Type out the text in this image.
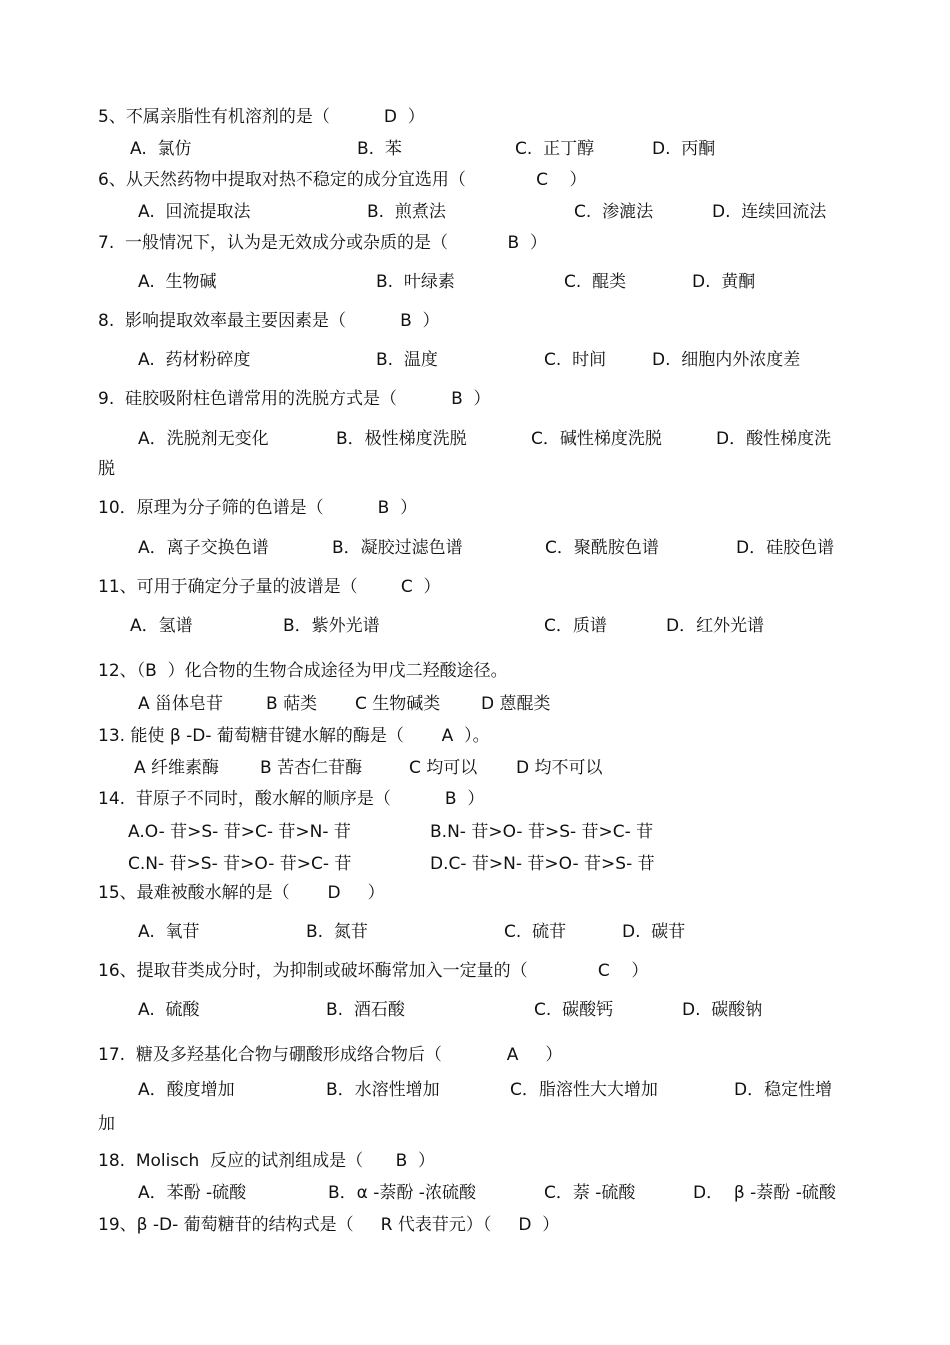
5、不属亲脂性有机溶剂的是（          D  ）
A.  氯仿	B.  苯	C.  正丁醇	D.  丙酮
6、从天然药物中提取对热不稳定的成分宜选用（             C    ）
A.  回流提取法	B.  煎煮法	C.  渗漉法	D.  连续回流法
7.  一般情况下，认为是无效成分或杂质的是（           B  ）
A.  生物碱	B.  叶绿素	C.  醌类	D.  黄酮
8.  影响提取效率最主要因素是（          B  ）
A.  药材粉碎度	B.  温度	C.  时间	D.  细胞内外浓度差
9.  硅胶吸附柱色谱常用的洗脱方式是（          B  ）
A．洗脱剂无变化	B．极性梯度洗脱	C．碱性梯度洗脱	D．酸性梯度洗
脱
10．原理为分子筛的色谱是（          B  ）
A．离子交换色谱	B．凝胶过滤色谱	C．聚酰胺色谱	D．硅胶色谱
11、可用于确定分子量的波谱是（        C  ）
A．氢谱	B．紫外光谱	C．质谱	D．红外光谱
12、（B  ）化合物的生物合成途径为甲戊二羟酸途径。
A 甾体皂苷	B 萜类 C 生物碱类 D 蒽醌类
13. 能使 β -D- 葡萄糖苷键水解的酶是（       A  ）。
A 纤维素酶 B 苦杏仁苷酶	C 均可以 D 均不可以
14.  苷原子不同时，酸水解的顺序是（          B  ）
A.O- 苷>S- 苷>C- 苷>N- 苷	B.N- 苷>O- 苷>S- 苷>C- 苷
C.N- 苷>S- 苷>O- 苷>C- 苷	D.C- 苷>N- 苷>O- 苷>S- 苷
15、最难被酸水解的是（       D     ）
A.  氧苷	B.  氮苷	C.  硫苷	D.  碳苷
16、提取苷类成分时，为抑制或破坏酶常加入一定量的（             C    ）
A.  硫酸	B.  酒石酸	C.  碳酸钙	D.  碳酸钠
17.  糖及多羟基化合物与硼酸形成络合物后（            A     ）
A．酸度增加	B．水溶性增加	C．脂溶性大大增加	D．稳定性增
加
18.  Molisch  反应的试剂组成是（      B  ）
A．苯酚 -硫酸	B．α -萘酚 -浓硫酸	C．萘 -硫酸	D．  β -萘酚 -硫酸
19、β -D- 葡萄糖苷的结构式是（     R 代表苷元）（     D  ）
